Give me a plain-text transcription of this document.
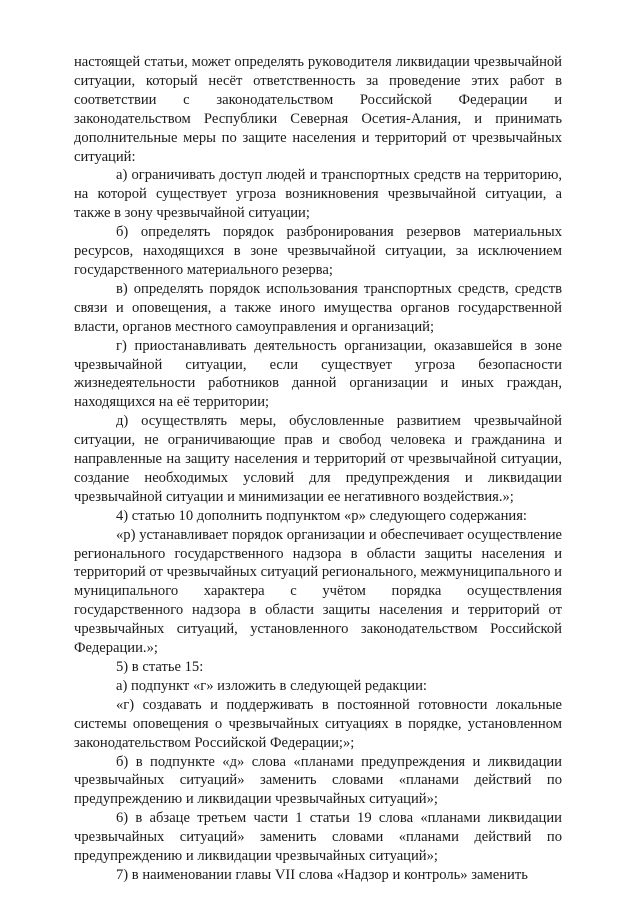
настоящей статьи, может определять руководителя ликвидации чрезвычайной ситуации, который несёт ответственность за проведение этих работ в соответствии с законодательством Российской Федерации и законодательством Республики Северная Осетия-Алания, и принимать дополнительные меры по защите населения и территорий от чрезвычайных ситуаций:

а) ограничивать доступ людей и транспортных средств на территорию, на которой существует угроза возникновения чрезвычайной ситуации, а также в зону чрезвычайной ситуации;

б) определять порядок разбронирования резервов материальных ресурсов, находящихся в зоне чрезвычайной ситуации, за исключением государственного материального резерва;

в) определять порядок использования транспортных средств, средств связи и оповещения, а также иного имущества органов государственной власти, органов местного самоуправления и организаций;

г) приостанавливать деятельность организации, оказавшейся в зоне чрезвычайной ситуации, если существует угроза безопасности жизнедеятельности работников данной организации и иных граждан, находящихся на её территории;

д) осуществлять меры, обусловленные развитием чрезвычайной ситуации, не ограничивающие прав и свобод человека и гражданина и направленные на защиту населения и территорий от чрезвычайной ситуации, создание необходимых условий для предупреждения и ликвидации чрезвычайной ситуации и минимизации ее негативного воздействия.»;

4) статью 10 дополнить подпунктом «р» следующего содержания:

«р) устанавливает порядок организации и обеспечивает осуществление регионального государственного надзора в области защиты населения и территорий от чрезвычайных ситуаций регионального, межмуниципального и муниципального характера с учётом порядка осуществления государственного надзора в области защиты населения и территорий от чрезвычайных ситуаций, установленного законодательством Российской Федерации.»;

5) в статье 15:

а) подпункт «г» изложить в следующей редакции:

«г) создавать и поддерживать в постоянной готовности локальные системы оповещения о чрезвычайных ситуациях в порядке, установленном законодательством Российской Федерации;»;

б) в подпункте «д» слова «планами предупреждения и ликвидации чрезвычайных ситуаций» заменить словами «планами действий по предупреждению и ликвидации чрезвычайных ситуаций»;

6) в абзаце третьем части 1 статьи 19 слова «планами ликвидации чрезвычайных ситуаций» заменить словами «планами действий по предупреждению и ликвидации чрезвычайных ситуаций»;

7) в наименовании главы VII слова «Надзор и контроль» заменить
